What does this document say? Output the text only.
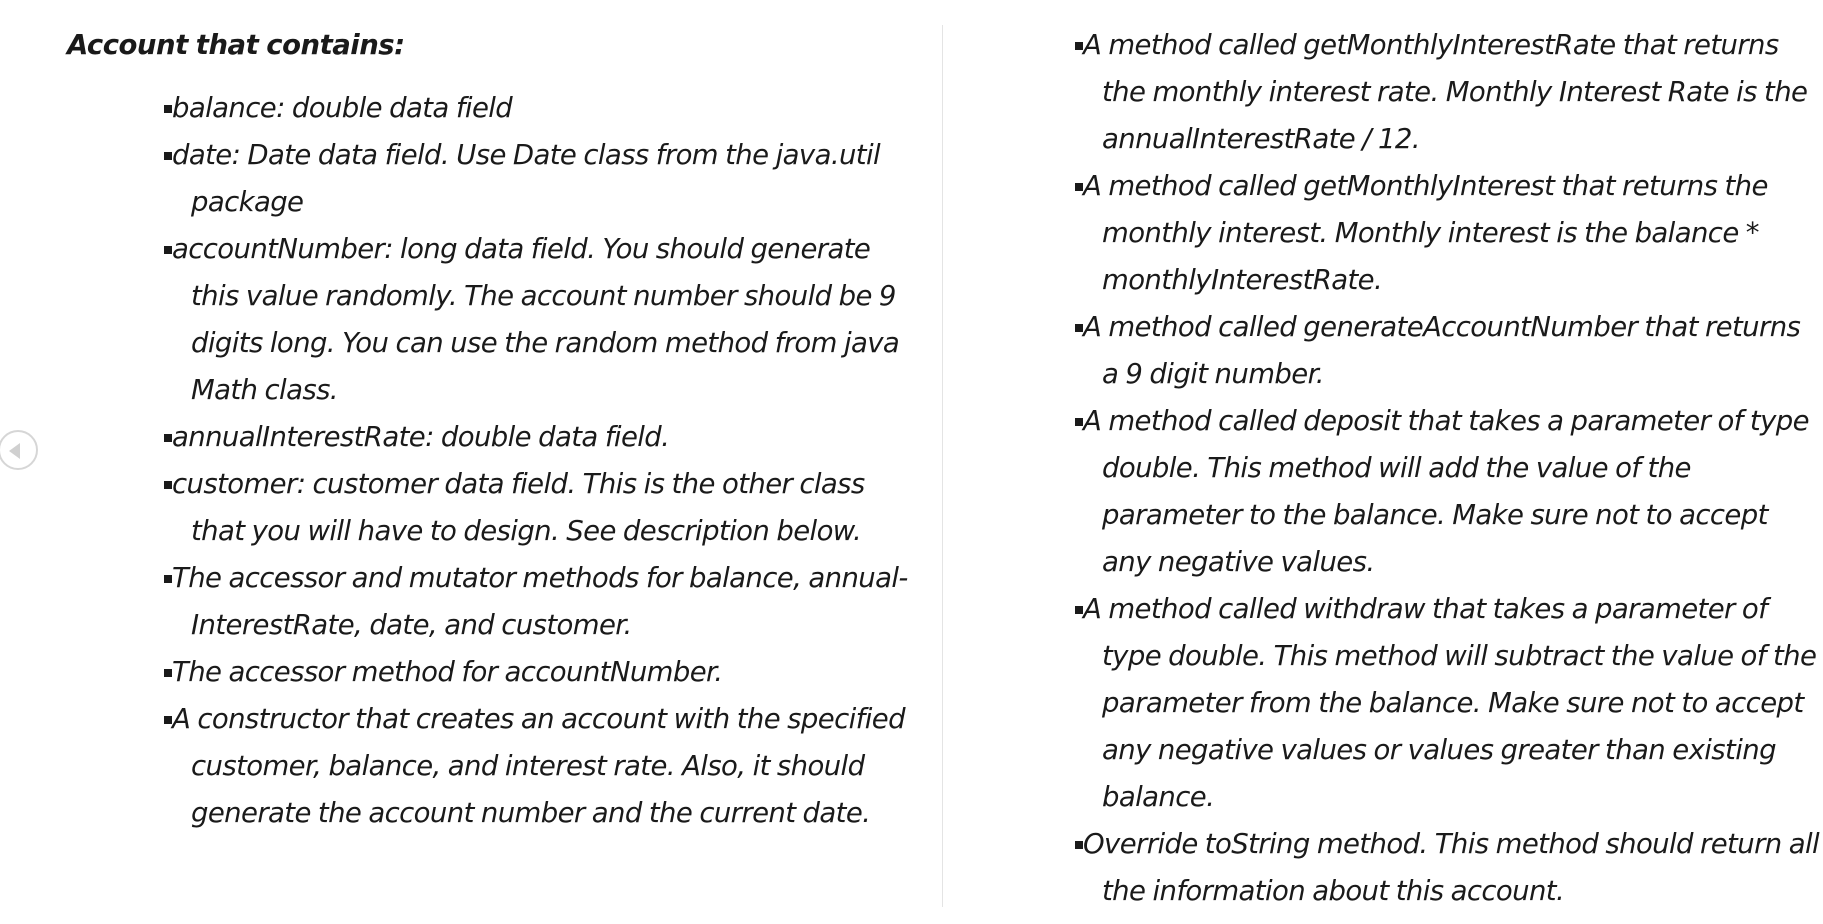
Account that contains:
balance: double data field
date: Date data field. Use Date class from the java.util package
accountNumber: long data field. You should generate this value randomly. The account number should be 9 digits long. You can use the random method from java Math class.
annualInterestRate: double data field.
customer: customer data field. This is the other class that you will have to design. See description below.
The accessor and mutator methods for balance, annualInterestRate, date, and customer.
The accessor method for accountNumber.
A constructor that creates an account with the specified customer, balance, and interest rate. Also, it should generate the account number and the current date.
A method called getMonthlyInterestRate that returns the monthly interest rate. Monthly Interest Rate is the annualInterestRate / 12.
A method called getMonthlyInterest that returns the monthly interest. Monthly interest is the balance * monthlyInterestRate.
A method called generateAccountNumber that returns a 9 digit number.
A method called deposit that takes a parameter of type double. This method will add the value of the parameter to the balance. Make sure not to accept any negative values.
A method called withdraw that takes a parameter of type double. This method will subtract the value of the parameter from the balance. Make sure not to accept any negative values or values greater than existing balance.
Override toString method. This method should return all the information about this account.
